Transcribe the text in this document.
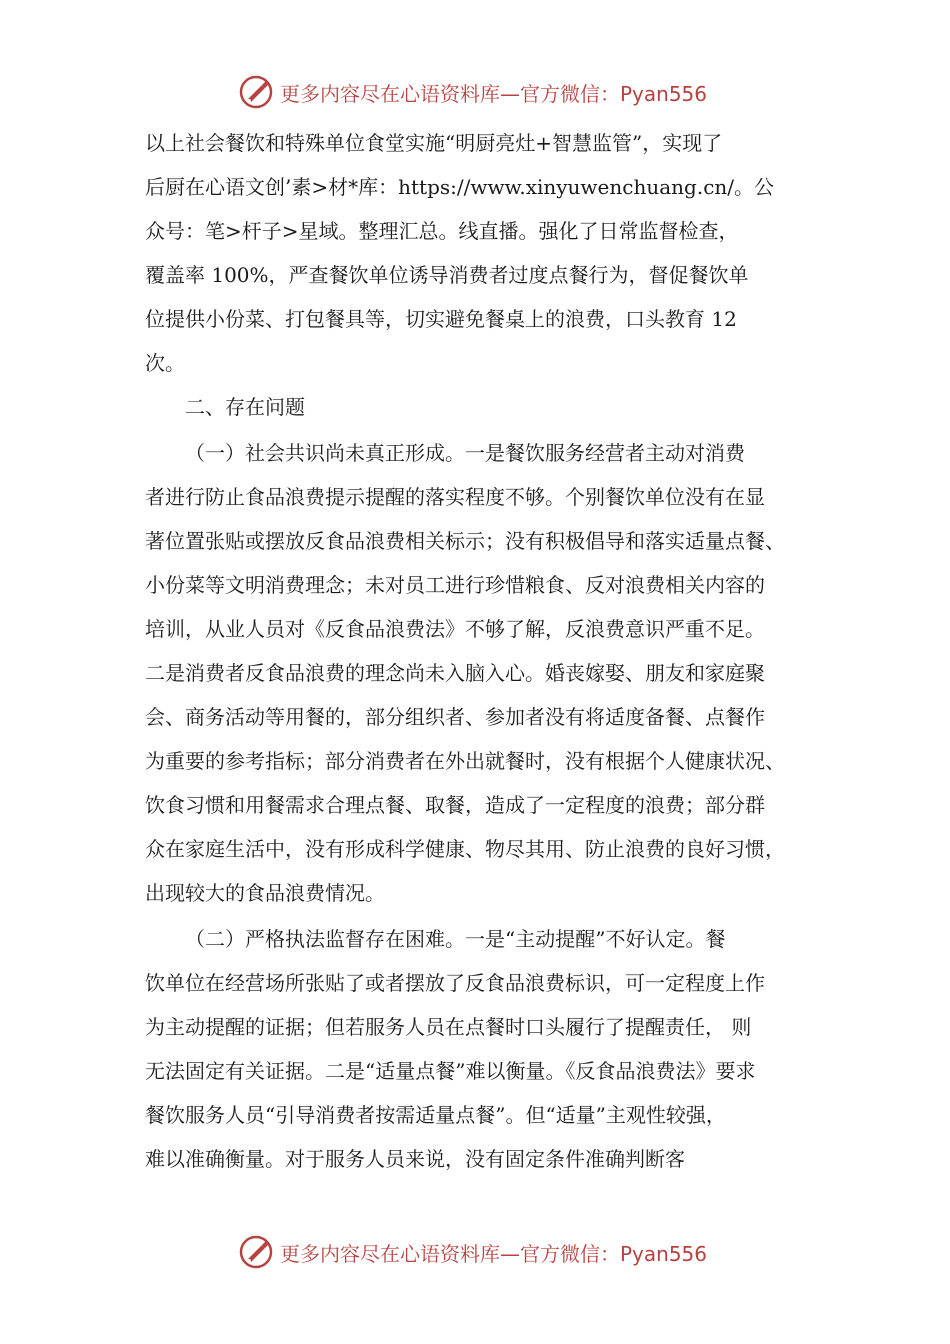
更多内容尽在心语资料库—官方微信：Pyan556
以上社会餐饮和特殊单位食堂实施“明厨亮灶+智慧监管”，实现了
后厨在心语文创’素>材*库：https://www.xinyuwenchuang.cn/。公
众号：笔>杆子>星域。整理汇总。线直播。强化了日常监督检查，
覆盖率 100%，严查餐饮单位诱导消费者过度点餐行为，督促餐饮单
位提供小份菜、打包餐具等，切实避免餐桌上的浪费，口头教育 12
次。
二、存在问题
（一）社会共识尚未真正形成。一是餐饮服务经营者主动对消费
者进行防止食品浪费提示提醒的落实程度不够。个别餐饮单位没有在显
著位置张贴或摆放反食品浪费相关标示；没有积极倡导和落实适量点餐、
小份菜等文明消费理念；未对员工进行珍惜粮食、反对浪费相关内容的
培训，从业人员对《反食品浪费法》不够了解，反浪费意识严重不足。
二是消费者反食品浪费的理念尚未入脑入心。婚丧嫁娶、朋友和家庭聚
会、商务活动等用餐的，部分组织者、参加者没有将适度备餐、点餐作
为重要的参考指标；部分消费者在外出就餐时，没有根据个人健康状况、
饮食习惯和用餐需求合理点餐、取餐，造成了一定程度的浪费；部分群
众在家庭生活中，没有形成科学健康、物尽其用、防止浪费的良好习惯，
出现较大的食品浪费情况。
（二）严格执法监督存在困难。一是“主动提醒”不好认定。餐
饮单位在经营场所张贴了或者摆放了反食品浪费标识，可一定程度上作
为主动提醒的证据；但若服务人员在点餐时口头履行了提醒责任， 则
无法固定有关证据。二是“适量点餐”难以衡量。《反食品浪费法》要求
餐饮服务人员“引导消费者按需适量点餐”。但“适量”主观性较强，
难以准确衡量。对于服务人员来说，没有固定条件准确判断客
更多内容尽在心语资料库—官方微信：Pyan556
